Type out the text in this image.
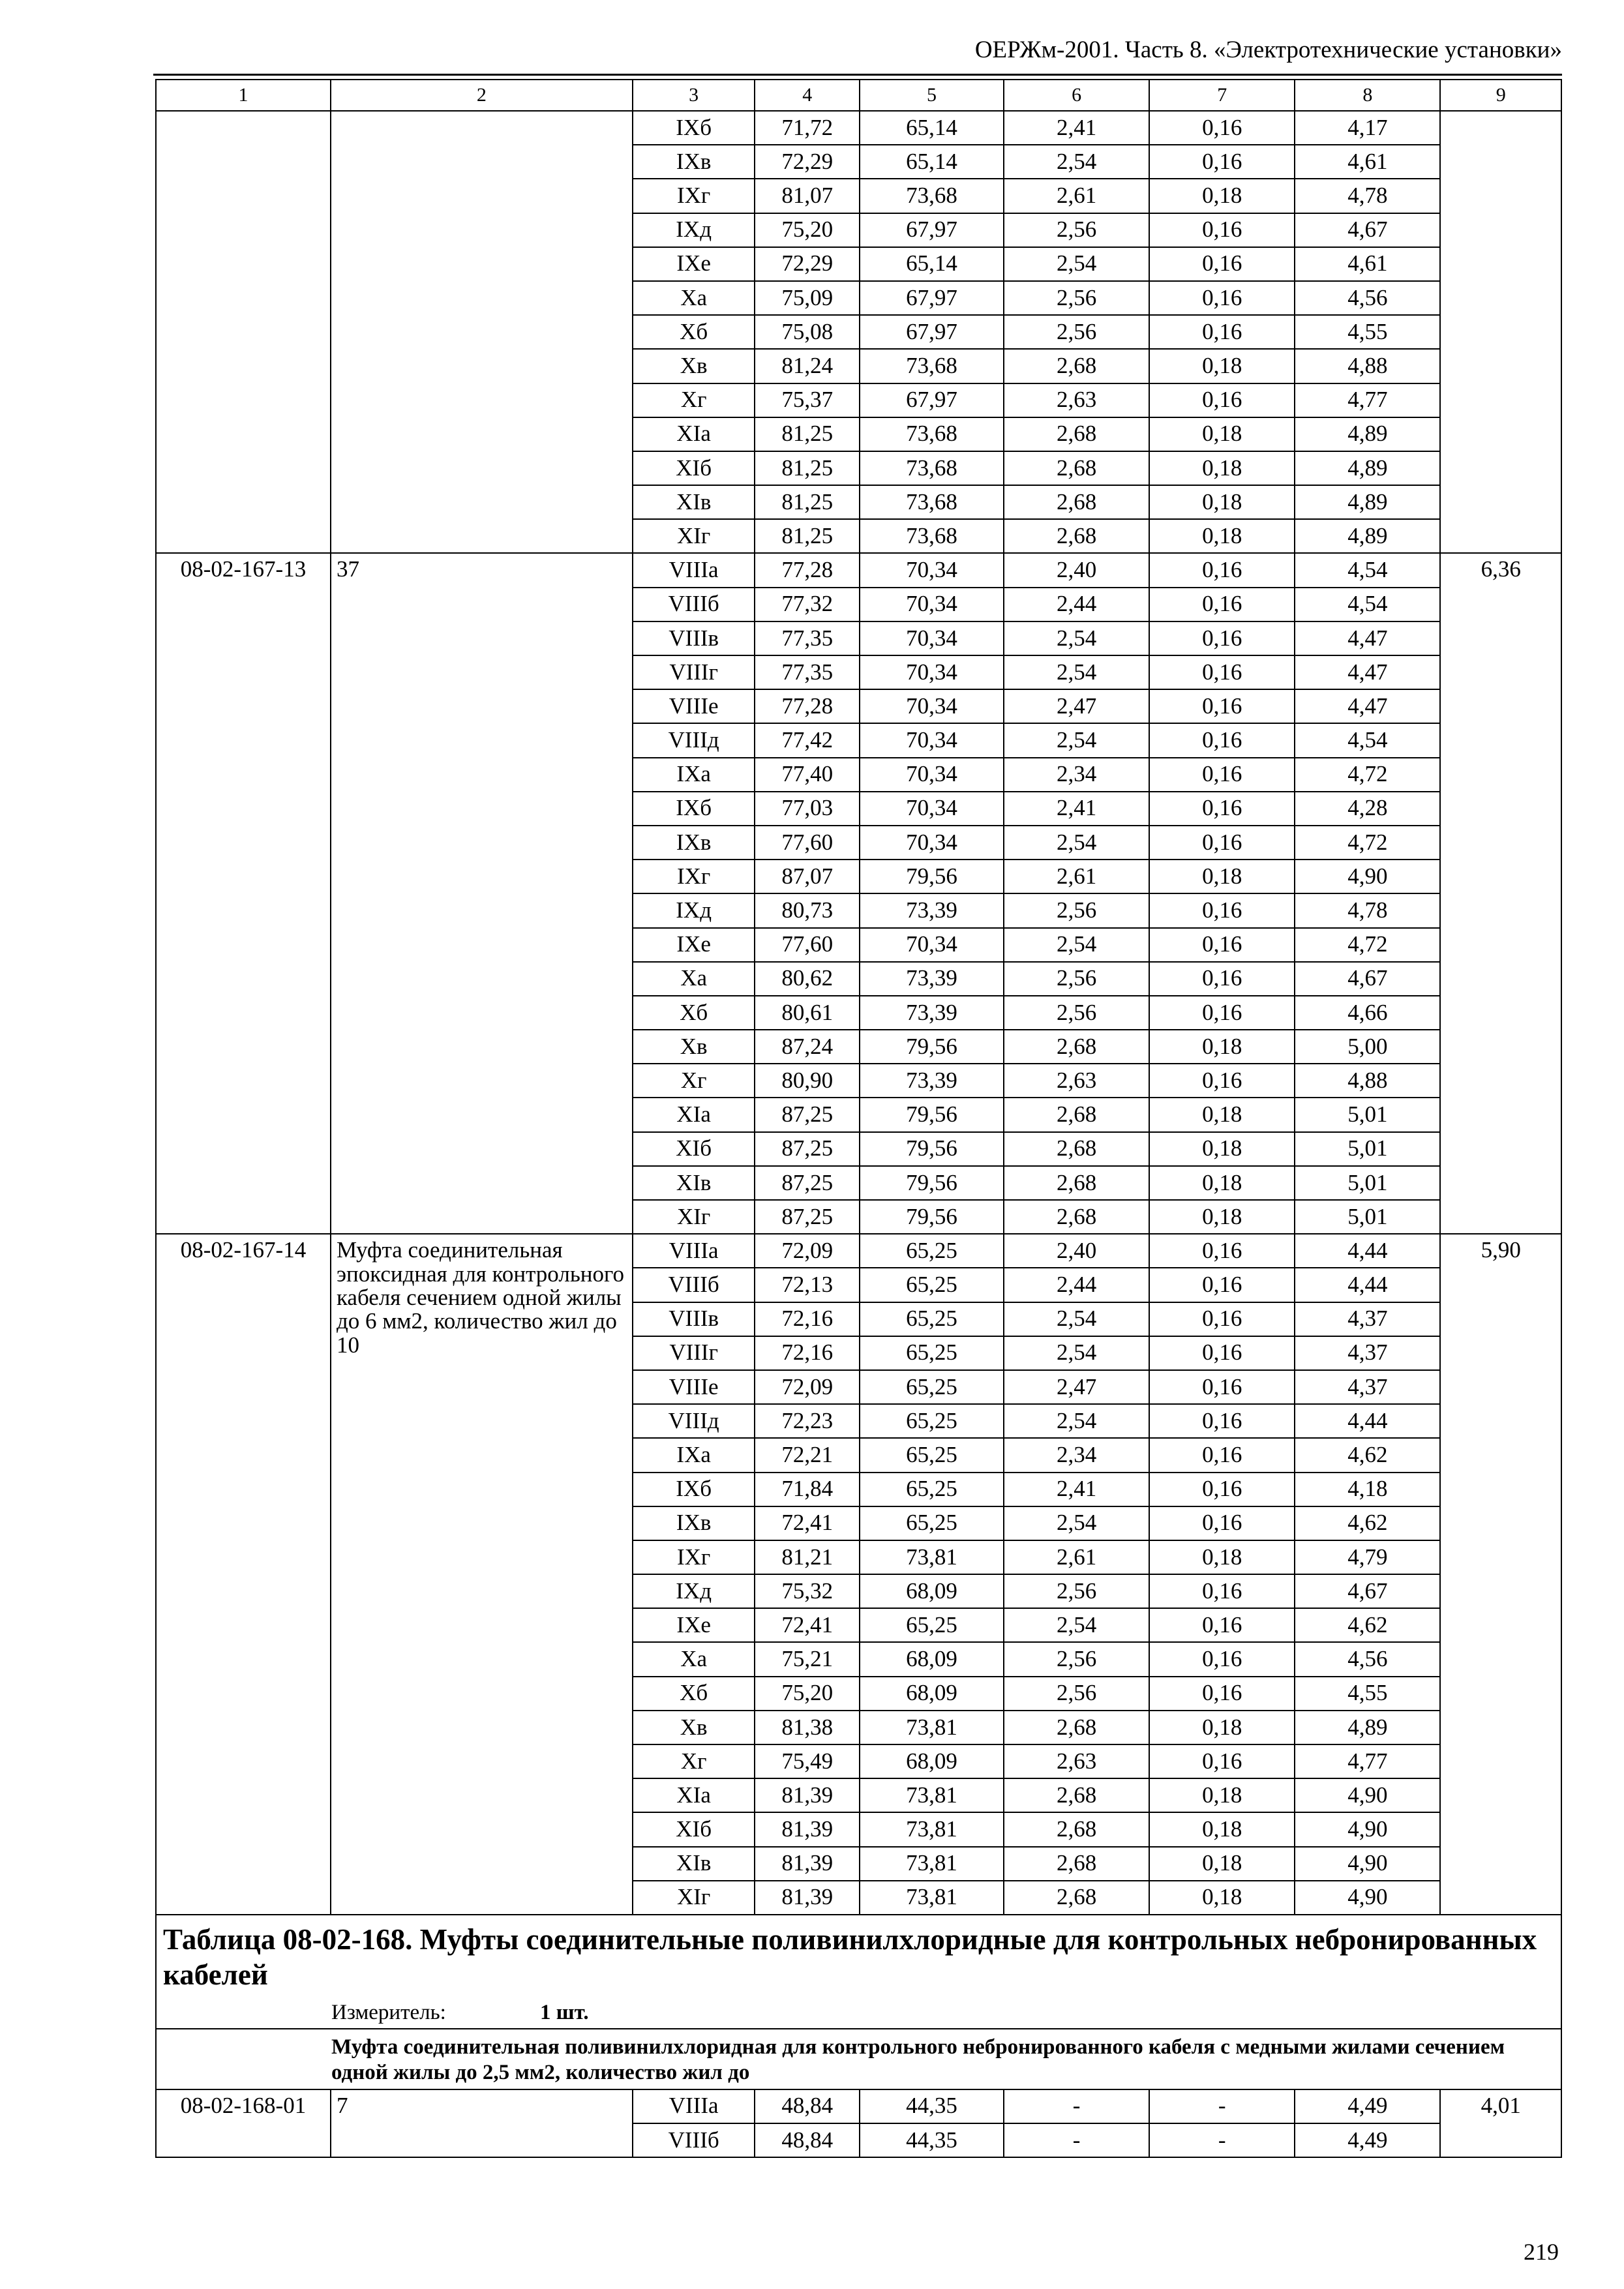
ОЕРЖм-2001. Часть 8. «Электротехнические установки»
1	2	3	4	5	6	7	8	9
		IXб	71,72	65,14	2,41	0,16	4,17	
		IXв	72,29	65,14	2,54	0,16	4,61	
		IXг	81,07	73,68	2,61	0,18	4,78	
		IXд	75,20	67,97	2,56	0,16	4,67	
		IXе	72,29	65,14	2,54	0,16	4,61	
		Xа	75,09	67,97	2,56	0,16	4,56	
		Xб	75,08	67,97	2,56	0,16	4,55	
		Xв	81,24	73,68	2,68	0,18	4,88	
		Xг	75,37	67,97	2,63	0,16	4,77	
		XIа	81,25	73,68	2,68	0,18	4,89	
		XIб	81,25	73,68	2,68	0,18	4,89	
		XIв	81,25	73,68	2,68	0,18	4,89	
		XIг	81,25	73,68	2,68	0,18	4,89	
08-02-167-13	37	VIIIа	77,28	70,34	2,40	0,16	4,54	6,36
		VIIIб	77,32	70,34	2,44	0,16	4,54	
		VIIIв	77,35	70,34	2,54	0,16	4,47	
		VIIIг	77,35	70,34	2,54	0,16	4,47	
		VIIIе	77,28	70,34	2,47	0,16	4,47	
		VIIIд	77,42	70,34	2,54	0,16	4,54	
		IXа	77,40	70,34	2,34	0,16	4,72	
		IXб	77,03	70,34	2,41	0,16	4,28	
		IXв	77,60	70,34	2,54	0,16	4,72	
		IXг	87,07	79,56	2,61	0,18	4,90	
		IXд	80,73	73,39	2,56	0,16	4,78	
		IXе	77,60	70,34	2,54	0,16	4,72	
		Xа	80,62	73,39	2,56	0,16	4,67	
		Xб	80,61	73,39	2,56	0,16	4,66	
		Xв	87,24	79,56	2,68	0,18	5,00	
		Xг	80,90	73,39	2,63	0,16	4,88	
		XIа	87,25	79,56	2,68	0,18	5,01	
		XIб	87,25	79,56	2,68	0,18	5,01	
		XIв	87,25	79,56	2,68	0,18	5,01	
		XIг	87,25	79,56	2,68	0,18	5,01	
08-02-167-14	Муфта соединительная эпоксидная для контрольного кабеля сечением одной жилы до 6 мм2, количество жил до 10	VIIIа	72,09	65,25	2,40	0,16	4,44	5,90
		VIIIб	72,13	65,25	2,44	0,16	4,44	
		VIIIв	72,16	65,25	2,54	0,16	4,37	
		VIIIг	72,16	65,25	2,54	0,16	4,37	
		VIIIе	72,09	65,25	2,47	0,16	4,37	
		VIIIд	72,23	65,25	2,54	0,16	4,44	
		IXа	72,21	65,25	2,34	0,16	4,62	
		IXб	71,84	65,25	2,41	0,16	4,18	
		IXв	72,41	65,25	2,54	0,16	4,62	
		IXг	81,21	73,81	2,61	0,18	4,79	
		IXд	75,32	68,09	2,56	0,16	4,67	
		IXе	72,41	65,25	2,54	0,16	4,62	
		Xа	75,21	68,09	2,56	0,16	4,56	
		Xб	75,20	68,09	2,56	0,16	4,55	
		Xв	81,38	73,81	2,68	0,18	4,89	
		Xг	75,49	68,09	2,63	0,16	4,77	
		XIа	81,39	73,81	2,68	0,18	4,90	
		XIб	81,39	73,81	2,68	0,18	4,90	
		XIв	81,39	73,81	2,68	0,18	4,90	
		XIг	81,39	73,81	2,68	0,18	4,90	

Таблица 08-02-168. Муфты соединительные поливинилхлоридные для контрольных небронированных кабелей
Измеритель: 1 шт.								

Муфта соединительная поливинилхлоридная для контрольного небронированного кабеля с медными жилами сечением одной жилы до 2,5 мм2, количество жил до								
08-02-168-01	7	VIIIа	48,84	44,35	-	-	4,49	4,01
		VIIIб	48,84	44,35	-	-	4,49	
219
